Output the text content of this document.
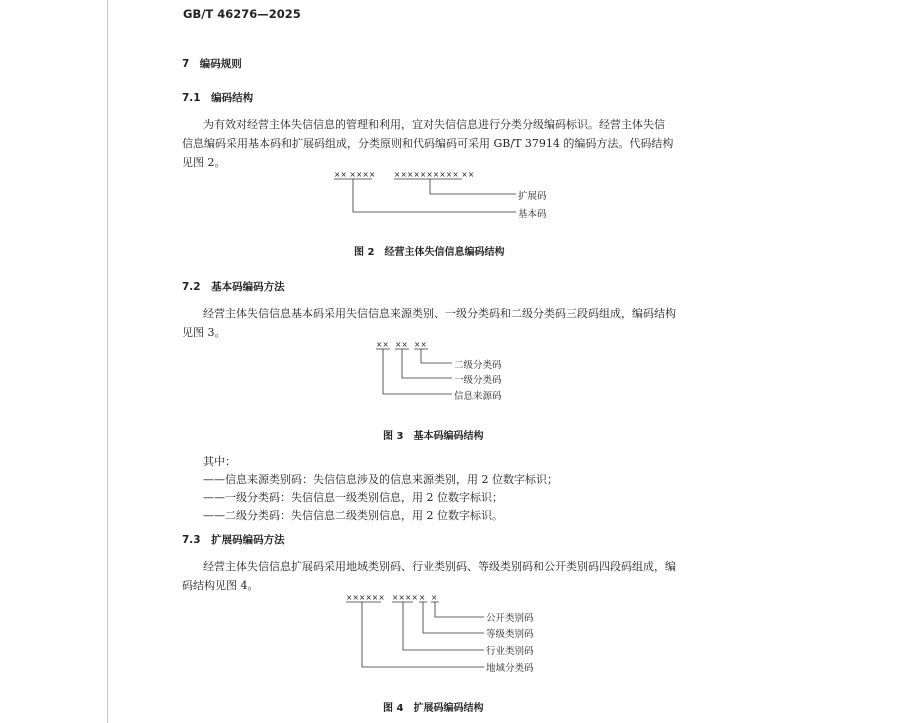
GB/T 46276—2025
7　编码规则
7.1　编码结构
为有效对经营主体失信信息的管理和利用，宜对失信信息进行分类分级编码标识。经营主体失信
信息编码采用基本码和扩展码组成，分类原则和代码编码可采用 GB/T 37914 的编码方法。代码结构
见图 2。
×× ×××× ×××××××××× ××
扩展码
基本码
图 2　经营主体失信信息编码结构
7.2　基本码编码方法
经营主体失信信息基本码采用失信信息来源类别、一级分类码和二级分类码三段码组成，编码结构
见图 3。
×× ×× ××
二级分类码
一级分类码
信息来源码
图 3　基本码编码结构
其中：
——信息来源类别码：失信信息涉及的信息来源类别，用 2 位数字标识；
——一级分类码：失信信息一级类别信息，用 2 位数字标识；
——二级分类码：失信信息二级类别信息，用 2 位数字标识。
7.3　扩展码编码方法
经营主体失信信息扩展码采用地域类别码、行业类别码、等级类别码和公开类别码四段码组成，编
码结构见图 4。
×××××× ×××× × ×
公开类别码
等级类别码
行业类别码
地域分类码
图 4　扩展码编码结构
